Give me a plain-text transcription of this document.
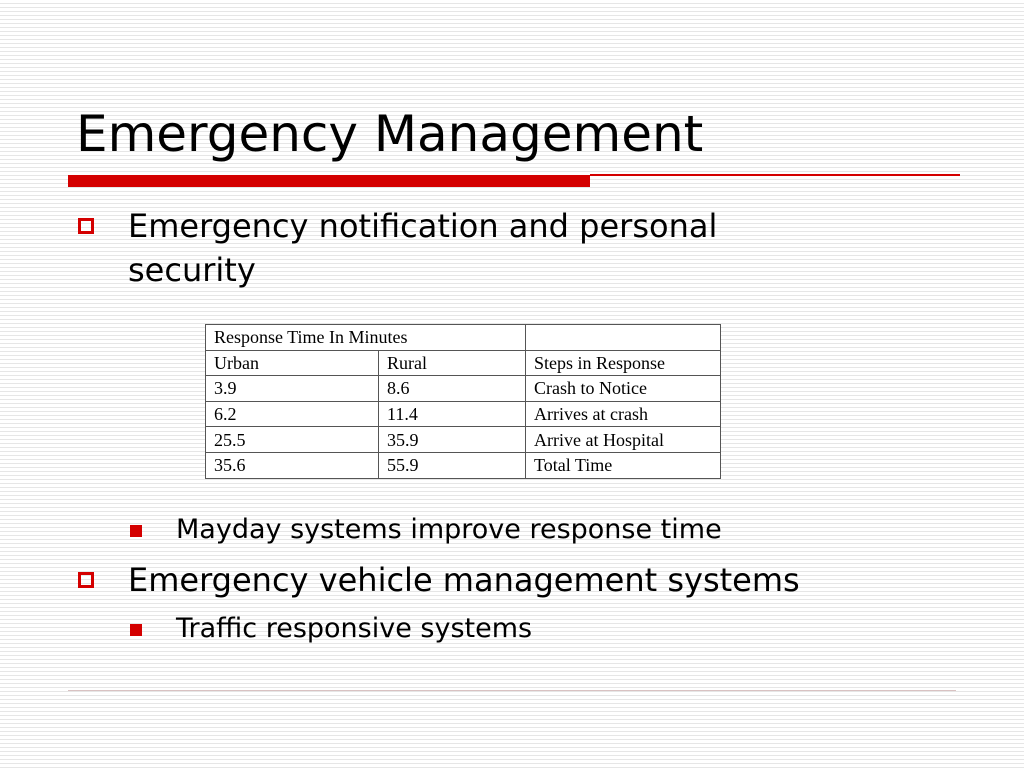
Emergency Management
Emergency notification and personal
security
Response Time In Minutes		
Urban	Rural	Steps in Response
3.9	8.6	Crash to Notice
6.2	11.4	Arrives at crash
25.5	35.9	Arrive at Hospital
35.6	55.9	Total Time
Mayday systems improve response time
Emergency vehicle management systems
Traffic responsive systems
